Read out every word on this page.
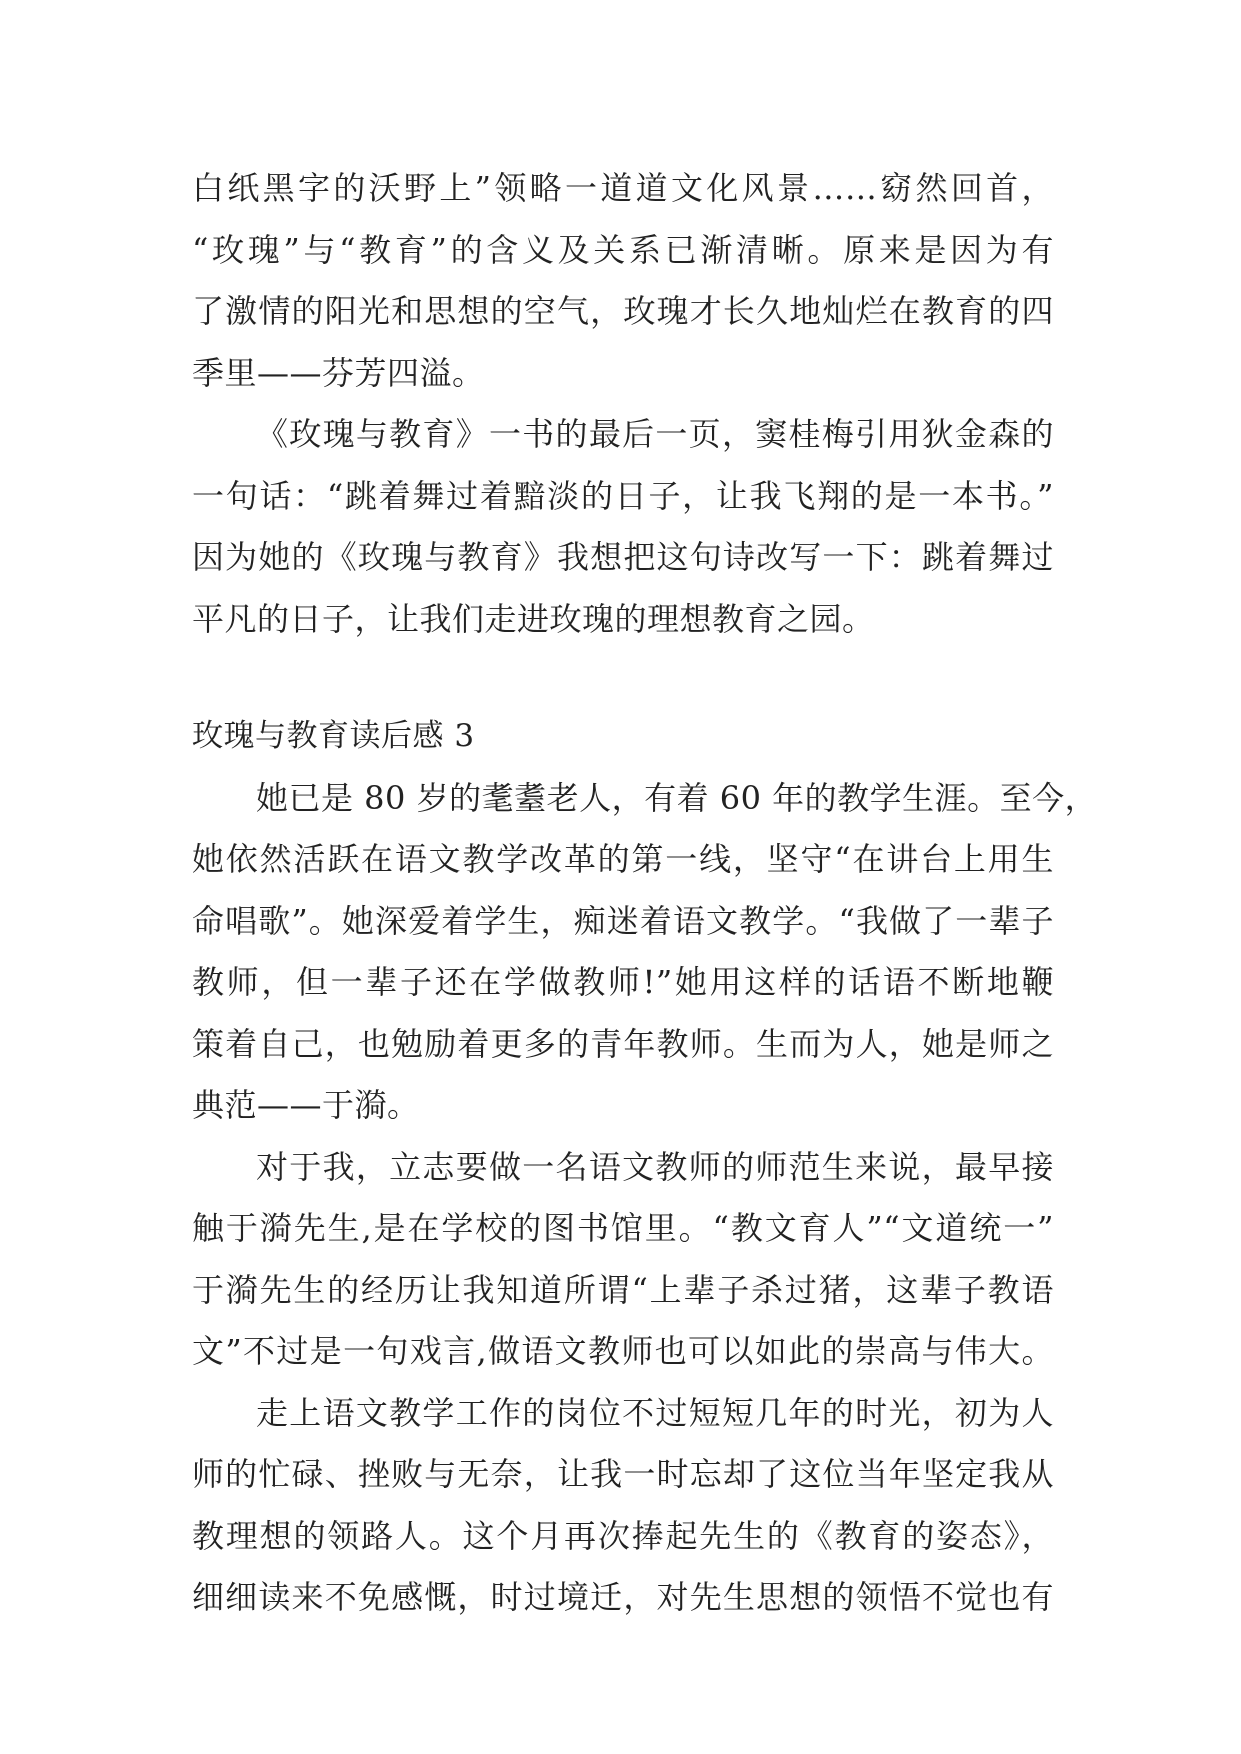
白纸黑字的沃野上”领略一道道文化风景……窈然回首，
“玫瑰”与“教育”的含义及关系已渐清晰。原来是因为有
了激情的阳光和思想的空气，玫瑰才长久地灿烂在教育的四
季里——芬芳四溢。
《玫瑰与教育》一书的最后一页，窦桂梅引用狄金森的
一句话：“跳着舞过着黯淡的日子，让我飞翔的是一本书。”
因为她的《玫瑰与教育》我想把这句诗改写一下：跳着舞过
平凡的日子，让我们走进玫瑰的理想教育之园。
玫瑰与教育读后感 3
她已是 80 岁的耄耋老人，有着 60 年的教学生涯。至今，
她依然活跃在语文教学改革的第一线，坚守“在讲台上用生
命唱歌”。她深爱着学生，痴迷着语文教学。“我做了一辈子
教师，但一辈子还在学做教师!”她用这样的话语不断地鞭
策着自己，也勉励着更多的青年教师。生而为人，她是师之
典范——于漪。
对于我，立志要做一名语文教师的师范生来说，最早接
触于漪先生,是在学校的图书馆里。“教文育人”“文道统一”
于漪先生的经历让我知道所谓“上辈子杀过猪，这辈子教语
文”不过是一句戏言,做语文教师也可以如此的崇高与伟大。
走上语文教学工作的岗位不过短短几年的时光，初为人
师的忙碌、挫败与无奈，让我一时忘却了这位当年坚定我从
教理想的领路人。这个月再次捧起先生的《教育的姿态》，
细细读来不免感慨，时过境迁，对先生思想的领悟不觉也有
